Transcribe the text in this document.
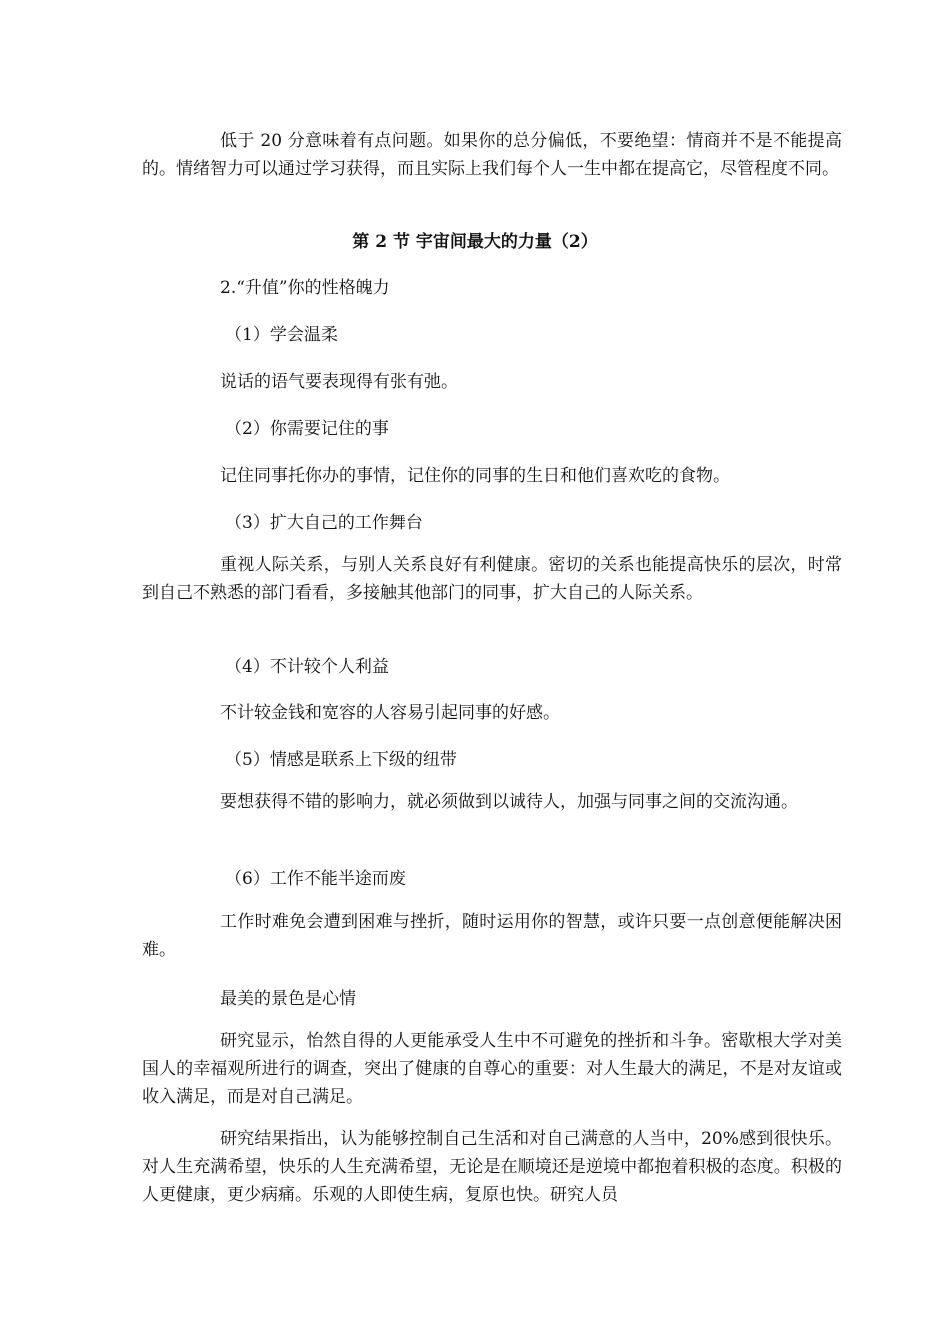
低于 20 分意味着有点问题。如果你的总分偏低，不要绝望：情商并不是不能提高的。情绪智力可以通过学习获得，而且实际上我们每个人一生中都在提高它，尽管程度不同。

第 2 节 宇宙间最大的力量（2）

2.“升值”你的性格魄力

（1）学会温柔

说话的语气要表现得有张有弛。

（2）你需要记住的事

记住同事托你办的事情，记住你的同事的生日和他们喜欢吃的食物。

（3）扩大自己的工作舞台

重视人际关系，与别人关系良好有利健康。密切的关系也能提高快乐的层次，时常到自己不熟悉的部门看看，多接触其他部门的同事，扩大自己的人际关系。

（4）不计较个人利益

不计较金钱和宽容的人容易引起同事的好感。

（5）情感是联系上下级的纽带

要想获得不错的影响力，就必须做到以诚待人，加强与同事之间的交流沟通。

（6）工作不能半途而废

工作时难免会遭到困难与挫折，随时运用你的智慧，或许只要一点创意便能解决困难。

最美的景色是心情

研究显示，怡然自得的人更能承受人生中不可避免的挫折和斗争。密歇根大学对美国人的幸福观所进行的调查，突出了健康的自尊心的重要：对人生最大的满足，不是对友谊或收入满足，而是对自己满足。

研究结果指出，认为能够控制自己生活和对自己满意的人当中，20%感到很快乐。对人生充满希望，快乐的人生充满希望，无论是在顺境还是逆境中都抱着积极的态度。积极的人更健康，更少病痛。乐观的人即使生病，复原也快。研究人员
